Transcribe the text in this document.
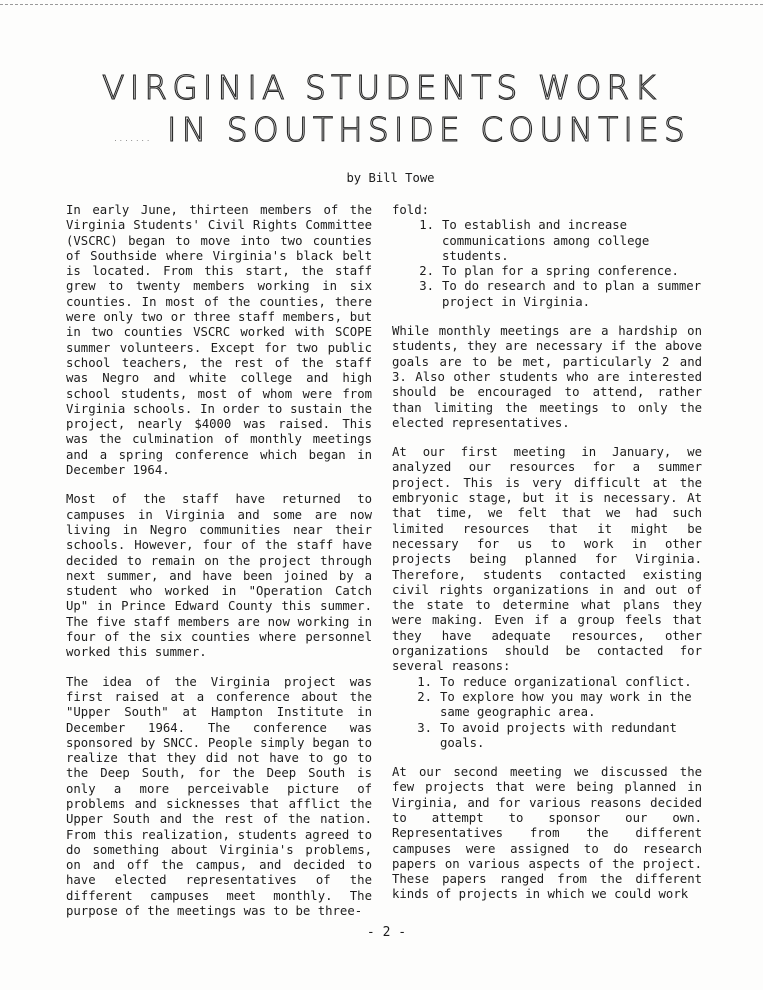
VIRGINIA STUDENTS WORK
....... IN SOUTHSIDE COUNTIES
by Bill Towe

In early June, thirteen members of the Virginia Students' Civil Rights Committee (VSCRC) began to move into two counties of Southside where Virginia's black belt is located. From this start, the staff grew to twenty members working in six counties. In most of the counties, there were only two or three staff members, but in two counties VSCRC worked with SCOPE summer volunteers. Except for two public school teachers, the rest of the staff was Negro and white college and high school students, most of whom were from Virginia schools. In order to sustain the project, nearly $4000 was raised. This was the culmination of monthly meetings and a spring conference which began in December 1964.

Most of the staff have returned to campuses in Virginia and some are now living in Negro communities near their schools. However, four of the staff have decided to remain on the project through next summer, and have been joined by a student who worked in "Operation Catch Up" in Prince Edward County this summer. The five staff members are now working in four of the six counties where personnel worked this summer.

The idea of the Virginia project was first raised at a conference about the "Upper South" at Hampton Institute in December 1964. The conference was sponsored by SNCC. People simply began to realize that they did not have to go to the Deep South, for the Deep South is only a more perceivable picture of problems and sicknesses that afflict the Upper South and the rest of the nation. From this realization, students agreed to do something about Virginia's problems, on and off the campus, and decided to have elected representatives of the different campuses meet monthly. The purpose of the meetings was to be three-

fold:

1. To establish and increase communications among college students.
2. To plan for a spring conference.
3. To do research and to plan a summer project in Virginia.

While monthly meetings are a hardship on students, they are necessary if the above goals are to be met, particularly 2 and 3. Also other students who are interested should be encouraged to attend, rather than limiting the meetings to only the elected representatives.

At our first meeting in January, we analyzed our resources for a summer project. This is very difficult at the embryonic stage, but it is necessary. At that time, we felt that we had such limited resources that it might be necessary for us to work in other projects being planned for Virginia. Therefore, students contacted existing civil rights organizations in and out of the state to determine what plans they were making. Even if a group feels that they have adequate resources, other organizations should be contacted for several reasons:

1. To reduce organizational conflict.
2. To explore how you may work in the same geographic area.
3. To avoid projects with redundant goals.

At our second meeting we discussed the few projects that were being planned in Virginia, and for various reasons decided to attempt to sponsor our own. Representatives from the different campuses were assigned to do research papers on various aspects of the project. These papers ranged from the different kinds of projects in which we could work

- 2 -
